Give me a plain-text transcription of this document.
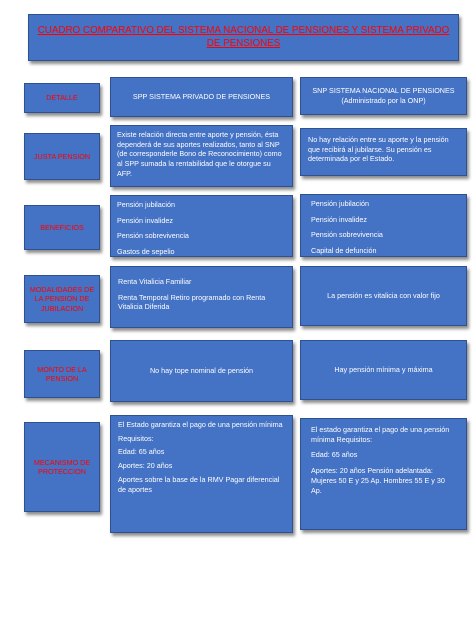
CUADRO COMPARATIVO DEL SISTEMA NACIONAL DE PENSIONES Y SISTEMA PRIVADO DE PENSIONES
DETALLE	SPP SISTEMA PRIVADO DE PENSIONES
SNP SISTEMA NACIONAL DE PENSIONES
(Administrado por la ONP)
JUSTA PENSION
Existe relación directa entre aporte y pensión, ésta dependerá de sus aportes realizados, tanto al SNP (de corresponderle Bono de Reconocimiento) como al SPP sumada la rentabilidad que le otorgue su AFP.
No hay relación entre su aporte y la pensión que recibirá al jubilarse. Su pensión es determinada por el Estado.
BENEFICIOS
Pensión jubilación
Pensión invalidez
Pensión sobrevivencia
Gastos de sepelio
Pensión jubilación
Pensión invalidez
Pensión sobrevivencia
Capital de defunción
MODALIDADES DE LA PENSION DE JUBILACION
Renta Vitalicia Familiar
Renta Temporal Retiro programado con Renta Vitalicia Diferida
La pensión es vitalicia con valor fijo
MONTO DE LA PENSION
No hay tope nominal de pensión	Hay pensión mínima y máxima
MECANISMO DE PROTECCION
El Estado garantiza el pago de una pensión mínima
Requisitos:
Edad: 65 años
Aportes: 20 años
Aportes sobre la base de la RMV Pagar diferencial de aportes
El estado garantiza el pago de una pensión mínima Requisitos:
Edad: 65 años
Aportes: 20 años Pensión adelantada: Mujeres 50 E y 25 Ap. Hombres 55 E y 30 Ap.
